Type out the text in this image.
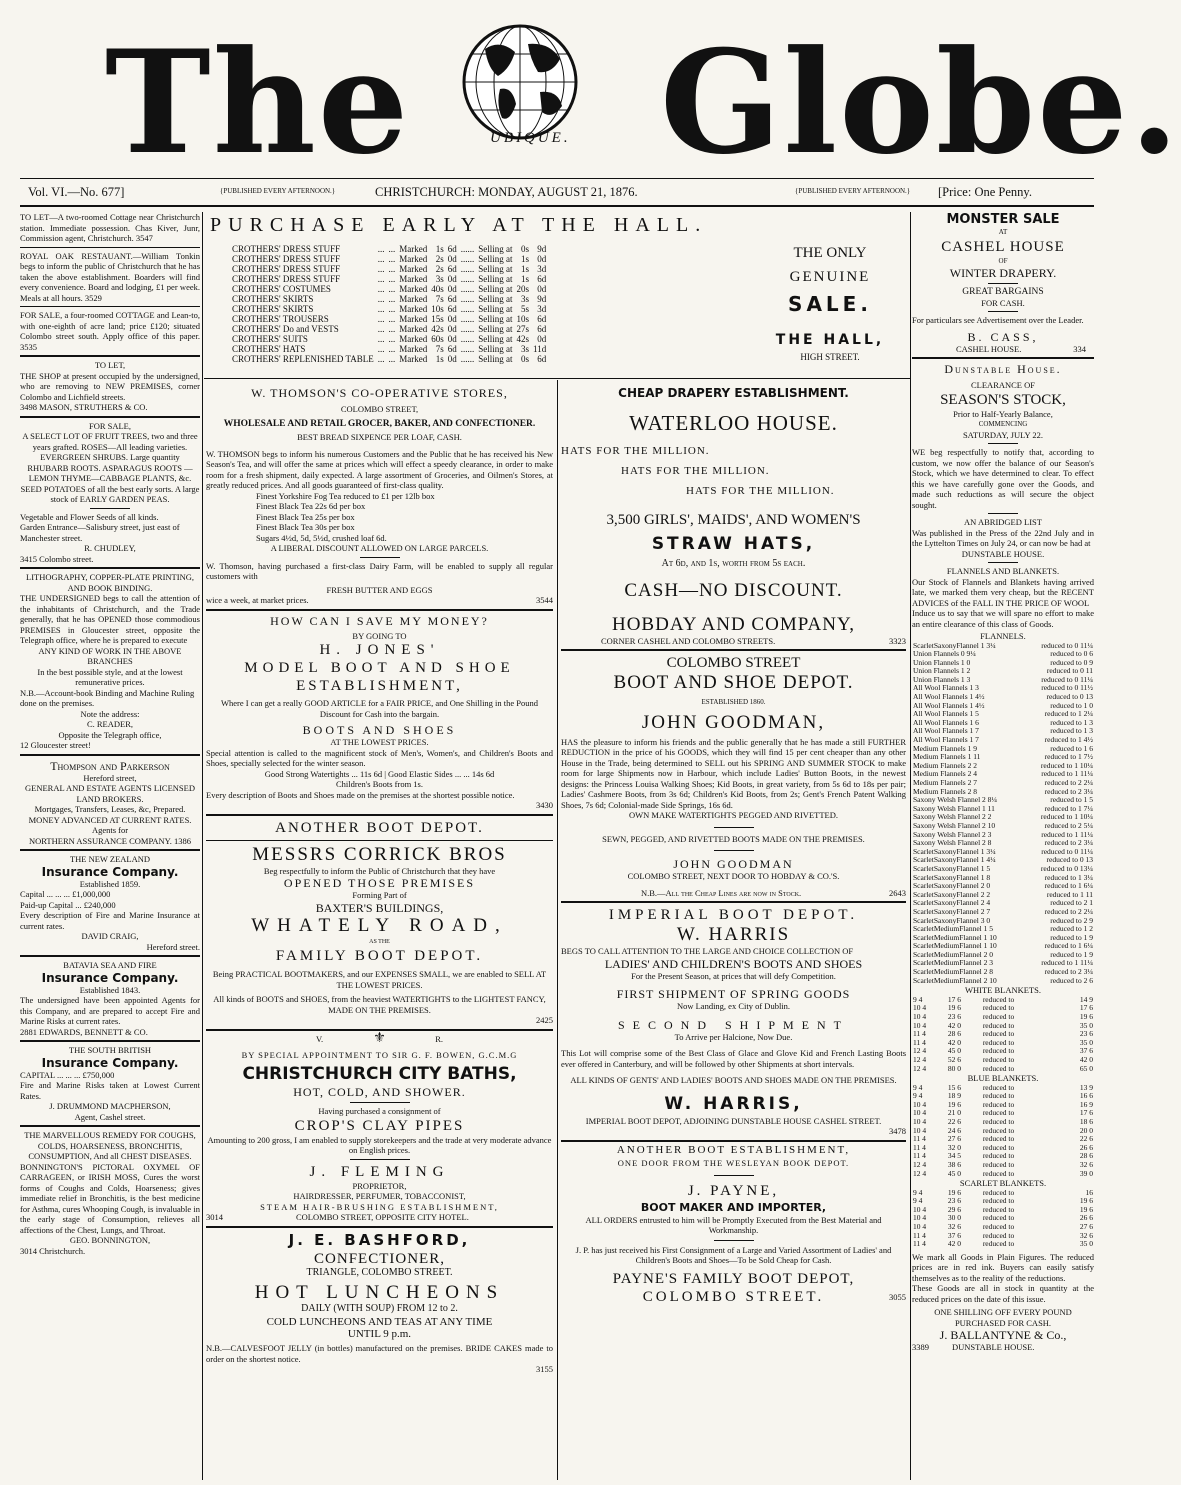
The	UBIQUE. Globe.
Vol. VI.—No. 677]	{PUBLISHED EVERY AFTERNOON.}	CHRISTCHURCH: MONDAY, AUGUST 21, 1876.	{PUBLISHED EVERY AFTERNOON.} [Price: One Penny.
TO LET—A two-roomed Cottage near Christchurch station. Immediate possession. Chas Kiver, Junr, Commission agent, Christchurch. 3547
ROYAL OAK RESTAUANT.—William Tonkin begs to inform the public of Christchurch that he has taken the above establishment. Boarders will find every convenience. Board and lodging, £1 per week. Meals at all hours. 3529
FOR SALE, a four-roomed COTTAGE and Lean-to, with one-eighth of acre land; price £120; situated Colombo street south. Apply office of this paper. 3535
TO LET,
THE SHOP at present occupied by the undersigned, who are removing to NEW PREMISES, corner Colombo and Lichfield streets.
3498 MASON, STRUTHERS & CO.
FOR SALE,
A SELECT LOT OF FRUIT TREES, two and three years grafted. ROSES—All leading varieties. EVERGREEN SHRUBS. Large quantity RHUBARB ROOTS. ASPARAGUS ROOTS — LEMON THYME—CABBAGE PLANTS, &c. SEED POTATOES of all the best early sorts. A large stock of EARLY GARDEN PEAS.
Vegetable and Flower Seeds of all kinds.
Garden Entrance—Salisbury street, just east of Manchester street.
R. CHUDLEY,
3415 Colombo street.
LITHOGRAPHY, COPPER-PLATE PRINTING, AND BOOK BINDING.
THE UNDERSIGNED begs to call the attention of the inhabitants of Christchurch, and the Trade generally, that he has OPENED those commodious PREMISES in Gloucester street, opposite the Telegraph office, where he is prepared to execute
ANY KIND OF WORK IN THE ABOVE BRANCHES
In the best possible style, and at the lowest remunerative prices.
N.B.—Account-book Binding and Machine Ruling done on the premises.
Note the address:
C. READER,
Opposite the Telegraph office,
12 Gloucester street!
Thompson and Parkerson
Hereford street,
GENERAL AND ESTATE AGENTS LICENSED LAND BROKERS.
Mortgages, Transfers, Leases, &c, Prepared.
MONEY ADVANCED AT CURRENT RATES.
Agents for
NORTHERN ASSURANCE COMPANY. 1386
THE NEW ZEALAND
Insurance Company.
Established 1859.
Capital ... ... ... £1,000,000
Paid-up Capital ... £240,000
Every description of Fire and Marine Insurance at current rates.
DAVID CRAIG,
Hereford street.
BATAVIA SEA AND FIRE
Insurance Company.
Established 1843.
The undersigned have been appointed Agents for this Company, and are prepared to accept Fire and Marine Risks at current rates.
2881 EDWARDS, BENNETT & CO.
THE SOUTH BRITISH
Insurance Company.
CAPITAL ... ... ... £750,000
Fire and Marine Risks taken at Lowest Current Rates.
J. DRUMMOND MACPHERSON,
Agent, Cashel street.
THE MARVELLOUS REMEDY FOR COUGHS, COLDS, HOARSENESS, BRONCHITIS, CONSUMPTION, And all CHEST DISEASES.
BONNINGTON'S PICTORAL OXYMEL OF CARRAGEEN, or IRISH MOSS, Cures the worst forms of Coughs and Colds, Hoarseness; gives immediate relief in Bronchitis, is the best medicine for Asthma, cures Whooping Cough, is invaluable in the early stage of Consumption, relieves all affections of the Chest, Lungs, and Throat.
GEO. BONNINGTON,
3014 Christchurch.
PURCHASE EARLY AT THE HALL.
CROTHERS' DRESS STUFF	...	...	Marked	1s	6d	......	Selling at	0s	9d
CROTHERS' DRESS STUFF	...	...	Marked	2s	0d	......	Selling at	1s	0d
CROTHERS' DRESS STUFF	...	...	Marked	2s	6d	......	Selling at	1s	3d
CROTHERS' DRESS STUFF	...	...	Marked	3s	0d	......	Selling at	1s	6d
CROTHERS' COSTUMES	...	...	Marked	40s	0d	......	Selling at	20s	0d
CROTHERS' SKIRTS	...	...	Marked	7s	6d	......	Selling at	3s	9d
CROTHERS' SKIRTS	...	...	Marked	10s	6d	......	Selling at	5s	3d
CROTHERS' TROUSERS	...	...	Marked	15s	0d	......	Selling at	10s	6d
CROTHERS' Do and VESTS	...	...	Marked	42s	0d	......	Selling at	27s	6d
CROTHERS' SUITS	...	...	Marked	60s	0d	......	Selling at	42s	0d
CROTHERS' HATS	...	...	Marked	7s	6d	......	Selling at	3s	11d
CROTHERS' REPLENISHED TABLE	...	...	Marked	1s	0d	......	Selling at	0s	6d
THE ONLY
GENUINE
SALE.
THE HALL,
HIGH STREET.
W. THOMSON'S CO-OPERATIVE STORES,
COLOMBO STREET,
WHOLESALE AND RETAIL GROCER, BAKER, AND CONFECTIONER.
BEST BREAD SIXPENCE PER LOAF, CASH.
W. THOMSON begs to inform his numerous Customers and the Public that he has received his New Season's Tea, and will offer the same at prices which will effect a speedy clearance, in order to make room for a fresh shipment, daily expected. A large assortment of Groceries, and Oilmen's Stores, at greatly reduced prices. And all goods guaranteed of first-class quality.
Finest Yorkshire Fog Tea reduced to £1 per 12lb box
Finest Black Tea 22s 6d per box
Finest Black Tea 25s per box
Finest Black Tea 30s per box
Sugars 4½d, 5d, 5½d, crushed loaf 6d.
A LIBERAL DISCOUNT ALLOWED ON LARGE PARCELS.
W. Thomson, having purchased a first-class Dairy Farm, will be enabled to supply all regular customers with
FRESH BUTTER AND EGGS
wice a week, at market prices.	3544
HOW CAN I SAVE MY MONEY?
BY GOING TO
H. JONES'
MODEL BOOT AND SHOE
ESTABLISHMENT,
Where I can get a really GOOD ARTICLE for a FAIR PRICE, and One Shilling in the Pound Discount for Cash into the bargain.
BOOTS AND SHOES
AT THE LOWEST PRICES.
Special attention is called to the magnificent stock of Men's, Women's, and Children's Boots and Shoes, specially selected for the winter season.
Good Strong Watertights ... 11s 6d | Good Elastic Sides ... ... 14s 6d
Children's Boots from 1s.
Every description of Boots and Shoes made on the premises at the shortest possible notice.
3430
ANOTHER BOOT DEPOT.
MESSRS CORRICK BROS
Beg respectfully to inform the Public of Christchurch that they have
OPENED THOSE PREMISES
Forming Part of
BAXTER'S BUILDINGS,
WHATELY ROAD,
AS THE
FAMILY BOOT DEPOT.
Being PRACTICAL BOOTMAKERS, and our EXPENSES SMALL, we are enabled to SELL AT THE LOWEST PRICES.
All kinds of BOOTS and SHOES, from the heaviest WATERTIGHTS to the LIGHTEST FANCY, MADE ON THE PREMISES.
2425
V.	⚜	R.
BY SPECIAL APPOINTMENT TO SIR G. F. BOWEN, G.C.M.G
CHRISTCHURCH CITY BATHS,
HOT, COLD, AND SHOWER.
Having purchased a consignment of
CROP'S CLAY PIPES
Amounting to 200 gross, I am enabled to supply storekeepers and the trade at very moderate advance on English prices.
J. FLEMING
PROPRIETOR,
HAIRDRESSER, PERFUMER, TOBACCONIST,
STEAM HAIR-BRUSHING ESTABLISHMENT,
3014	COLOMBO STREET, OPPOSITE CITY HOTEL.
J. E. BASHFORD,
CONFECTIONER,
TRIANGLE, COLOMBO STREET.
HOT LUNCHEONS
DAILY (WITH SOUP) FROM 12 to 2.
COLD LUNCHEONS AND TEAS AT ANY TIME
UNTIL 9 p.m.
N.B.—CALVESFOOT JELLY (in bottles) manufactured on the premises. BRIDE CAKES made to order on the shortest notice.
3155
CHEAP DRAPERY ESTABLISHMENT.
WATERLOO HOUSE.
HATS FOR THE MILLION.
HATS FOR THE MILLION.
HATS FOR THE MILLION.
3,500 GIRLS', MAIDS', AND WOMEN'S
STRAW HATS,
At 6d, and 1s, worth from 5s each.
CASH—NO DISCOUNT.
HOBDAY AND COMPANY,
CORNER CASHEL AND COLOMBO STREETS.	3323
COLOMBO STREET
BOOT AND SHOE DEPOT.
ESTABLISHED 1860.
JOHN GOODMAN,
HAS the pleasure to inform his friends and the public generally that he has made a still FURTHER REDUCTION in the price of his GOODS, which they will find 15 per cent cheaper than any other House in the Trade, being determined to SELL out his SPRING AND SUMMER STOCK to make room for large Shipments now in Harbour, which include Ladies' Button Boots, in the newest designs: the Princess Louisa Walking Shoes; Kid Boots, in great variety, from 5s 6d to 18s per pair; Ladies' Cashmere Boots, from 3s 6d; Children's Kid Boots, from 2s; Gent's French Patent Walking Shoes, 7s 6d; Colonial-made Side Springs, 16s 6d.
OWN MAKE WATERTIGHTS PEGGED AND RIVETTED.
SEWN, PEGGED, AND RIVETTED BOOTS MADE ON THE PREMISES.
JOHN GOODMAN
COLOMBO STREET, NEXT DOOR TO HOBDAY & CO.'S.
N.B.—All the Cheap Lines are now in Stock.	2643
IMPERIAL BOOT DEPOT.
W. HARRIS
BEGS TO CALL ATTENTION TO THE LARGE AND CHOICE COLLECTION OF
LADIES' AND CHILDREN'S BOOTS AND SHOES
For the Present Season, at prices that will defy Competition.
FIRST SHIPMENT OF SPRING GOODS
Now Landing, ex City of Dublin.
SECOND SHIPMENT
To Arrive per Halcione, Now Due.
This Lot will comprise some of the Best Class of Glace and Glove Kid and French Lasting Boots ever offered in Canterbury, and will be followed by other Shipments at short intervals.
ALL KINDS OF GENTS' AND LADIES' BOOTS AND SHOES MADE ON THE PREMISES.
W. HARRIS,
IMPERIAL BOOT DEPOT, ADJOINING DUNSTABLE HOUSE CASHEL STREET.
3478
ANOTHER BOOT ESTABLISHMENT,
ONE DOOR FROM THE WESLEYAN BOOK DEPOT.
J. PAYNE,
BOOT MAKER AND IMPORTER,
ALL ORDERS entrusted to him will be Promptly Executed from the Best Material and Workmanship.
J. P. has just received his First Consignment of a Large and Varied Assortment of Ladies' and Children's Boots and Shoes—To be Sold Cheap for Cash.
PAYNE'S FAMILY BOOT DEPOT,
COLOMBO STREET.	3055
MONSTER SALE
AT
CASHEL HOUSE
OF
WINTER DRAPERY.
GREAT BARGAINS
FOR CASH.
For particulars see Advertisement over the Leader.
B. CASS,
CASHEL HOUSE.	334
Dunstable House.
CLEARANCE OF
SEASON'S STOCK,
Prior to Half-Yearly Balance,
COMMENCING
SATURDAY, JULY 22.
WE beg respectfully to notify that, according to custom, we now offer the balance of our Season's Stock, which we have determined to clear. To effect this we have carefully gone over the Goods, and made such reductions as will secure the object sought.
AN ABRIDGED LIST
Was published in the Press of the 22nd July and in the Lyttelton Times on July 24, or can now be had at
DUNSTABLE HOUSE.
FLANNELS AND BLANKETS.
Our Stock of Flannels and Blankets having arrived late, we marked them very cheap, but the RECENT ADVICES of the FALL IN THE PRICE OF WOOL
Induce us to say that we will spare no effort to make an entire clearance of this class of Goods.
FLANNELS.
ScarletSaxonyFlannel 1 3¼	reduced to 0 11¼
Union Flannels 0 9¼	reduced to 0 6
Union Flannels 1 0	reduced to 0 9
Union Flannels 1 2	reduced to 0 11
Union Flannels 1 3	reduced to 0 11¼
All Wool Flannels 1 3	reduced to 0 11½
All Wool Flannels 1 4½	reduced to 0 13
All Wool Flannels 1 4½	reduced to 1 0
All Wool Flannels 1 5	reduced to 1 2¼
All Wool Flannels 1 6	reduced to 1 3
All Wool Flannels 1 7	reduced to 1 3
All Wool Flannels 1 7	reduced to 1 4½
Medium Flannels 1 9	reduced to 1 6
Medium Flannels 1 11	reduced to 1 7½
Medium Flannels 2 2	reduced to 1 10¼
Medium Flannels 2 4	reduced to 1 11¼
Medium Flannels 2 7	reduced to 2 2¼
Medium Flannels 2 8	reduced to 2 3¼
Saxony Welsh Flannel 2 8¼	reduced to 1 5
Saxony Welsh Flannel 1 11	reduced to 1 7¼
Saxony Welsh Flannel 2 2	reduced to 1 10¼
Saxony Welsh Flannel 2 10	reduced to 2 5¼
Saxony Welsh Flannel 2 3	reduced to 1 11¼
Saxony Welsh Flannel 2 8	reduced to 2 3¼
ScarletSaxonyFlannel 1 3¼	reduced to 0 11¼
ScarletSaxonyFlannel 1 4¼	reduced to 0 13
ScarletSaxonyFlannel 1 5	reduced to 0 13¼
ScarletSaxonyFlannel 1 8	reduced to 1 3¼
ScarletSaxonyFlannel 2 0	reduced to 1 6¼
ScarletSaxonyFlannel 2 2	reduced to 1 11
ScarletSaxonyFlannel 2 4	reduced to 2 1
ScarletSaxonyFlannel 2 7	reduced to 2 2¼
ScarletSaxonyFlannel 3 0	reduced to 2 9
ScarletMediumFlannel 1 5	reduced to 1 2
ScarletMediumFlannel 1 10	reduced to 1 9
ScarletMediumFlannel 1 10	reduced to 1 6¼
ScarletMediumFlannel 2 0	reduced to 1 9
ScarletMediumFlannel 2 3	reduced to 1 11¼
ScarletMediumFlannel 2 8	reduced to 2 3¼
ScarletMediumFlannel 2 10	reduced to 2 6
WHITE BLANKETS.
9 4	17 6	reduced to	14 9
10 4	19 6	reduced to	17 6
10 4	23 6	reduced to	19 6
10 4	42 0	reduced to	35 0
11 4	28 6	reduced to	23 6
11 4	42 0	reduced to	35 0
12 4	45 0	reduced to	37 6
12 4	52 6	reduced to	42 0
12 4	80 0	reduced to	65 0
BLUE BLANKETS.
9 4	15 6	reduced to	13 9
9 4	18 9	reduced to	16 6
10 4	19 6	reduced to	16 9
10 4	21 0	reduced to	17 6
10 4	22 6	reduced to	18 6
10 4	24 6	reduced to	20 0
11 4	27 6	reduced to	22 6
11 4	32 0	reduced to	26 6
11 4	34 5	reduced to	28 6
12 4	38 6	reduced to	32 6
12 4	45 0	reduced to	39 0
SCARLET BLANKETS.
9 4	19 6	reduced to	16
9 4	23 6	reduced to	19 6
10 4	29 6	reduced to	19 6
10 4	30 0	reduced to	26 6
10 4	32 6	reduced to	27 6
11 4	37 6	reduced to	32 6
11 4	42 0	reduced to	35 0
We mark all Goods in Plain Figures. The reduced prices are in red ink. Buyers can easily satisfy themselves as to the reality of the reductions.
These Goods are all in stock in quantity at the reduced prices on the date of this issue.
ONE SHILLING OFF EVERY POUND PURCHASED FOR CASH.
J. BALLANTYNE & Co.,
3389	DUNSTABLE HOUSE.
